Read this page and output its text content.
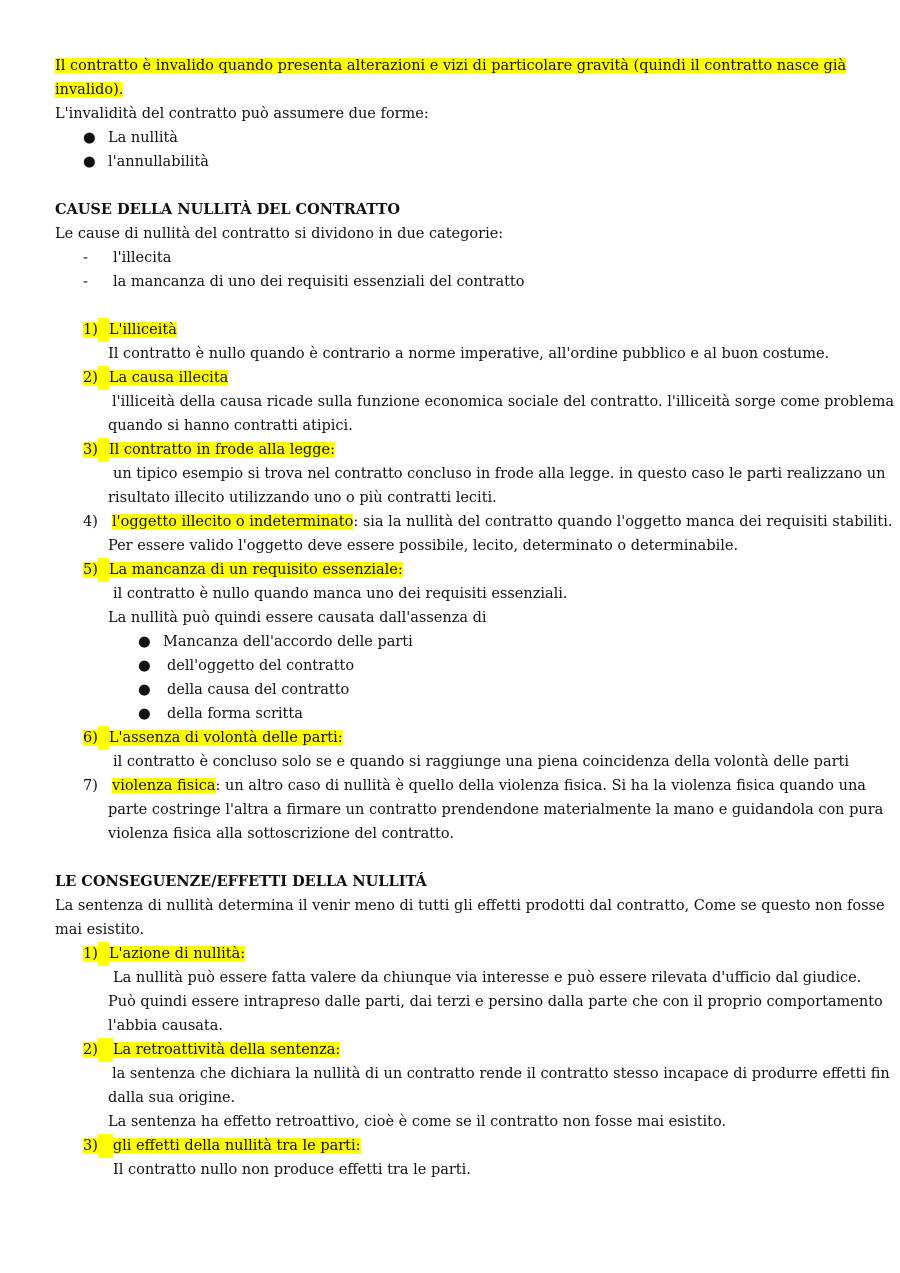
Il contratto è invalido quando presenta alterazioni e vizi di particolare gravità (quindi il contratto nasce già
invalido).
L'invalidità del contratto può assumere due forme:
● La nullità
● l'annullabilità
CAUSE DELLA NULLITÀ DEL CONTRATTO
Le cause di nullità del contratto si dividono in due categorie:
- l'illecita
- la mancanza di uno dei requisiti essenziali del contratto
1) L'illiceità
Il contratto è nullo quando è contrario a norme imperative, all'ordine pubblico e al buon costume.
2) La causa illecita
l'illiceità della causa ricade sulla funzione economica sociale del contratto. l'illiceità sorge come problema
quando si hanno contratti atipici.
3) Il contratto in frode alla legge:
un tipico esempio si trova nel contratto concluso in frode alla legge. in questo caso le parti realizzano un
risultato illecito utilizzando uno o più contratti leciti.
4) l'oggetto illecito o indeterminato: sia la nullità del contratto quando l'oggetto manca dei requisiti stabiliti.
Per essere valido l'oggetto deve essere possibile, lecito, determinato o determinabile.
5) La mancanza di un requisito essenziale:
il contratto è nullo quando manca uno dei requisiti essenziali.
La nullità può quindi essere causata dall'assenza di
● Mancanza dell'accordo delle parti
● dell'oggetto del contratto
● della causa del contratto
● della forma scritta
6) L'assenza di volontà delle parti:
il contratto è concluso solo se e quando si raggiunge una piena coincidenza della volontà delle parti
7) violenza fisica: un altro caso di nullità è quello della violenza fisica. Si ha la violenza fisica quando una
parte costringe l'altra a firmare un contratto prendendone materialmente la mano e guidandola con pura
violenza fisica alla sottoscrizione del contratto.
LE CONSEGUENZE/EFFETTI DELLA NULLITÁ
La sentenza di nullità determina il venir meno di tutti gli effetti prodotti dal contratto, Come se questo non fosse
mai esistito.
1) L'azione di nullità:
La nullità può essere fatta valere da chiunque via interesse e può essere rilevata d'ufficio dal giudice.
Può quindi essere intrapreso dalle parti, dai terzi e persino dalla parte che con il proprio comportamento
l'abbia causata.
2) La retroattività della sentenza:
la sentenza che dichiara la nullità di un contratto rende il contratto stesso incapace di produrre effetti fin
dalla sua origine.
La sentenza ha effetto retroattivo, cioè è come se il contratto non fosse mai esistito.
3) gli effetti della nullità tra le parti:
Il contratto nullo non produce effetti tra le parti.
